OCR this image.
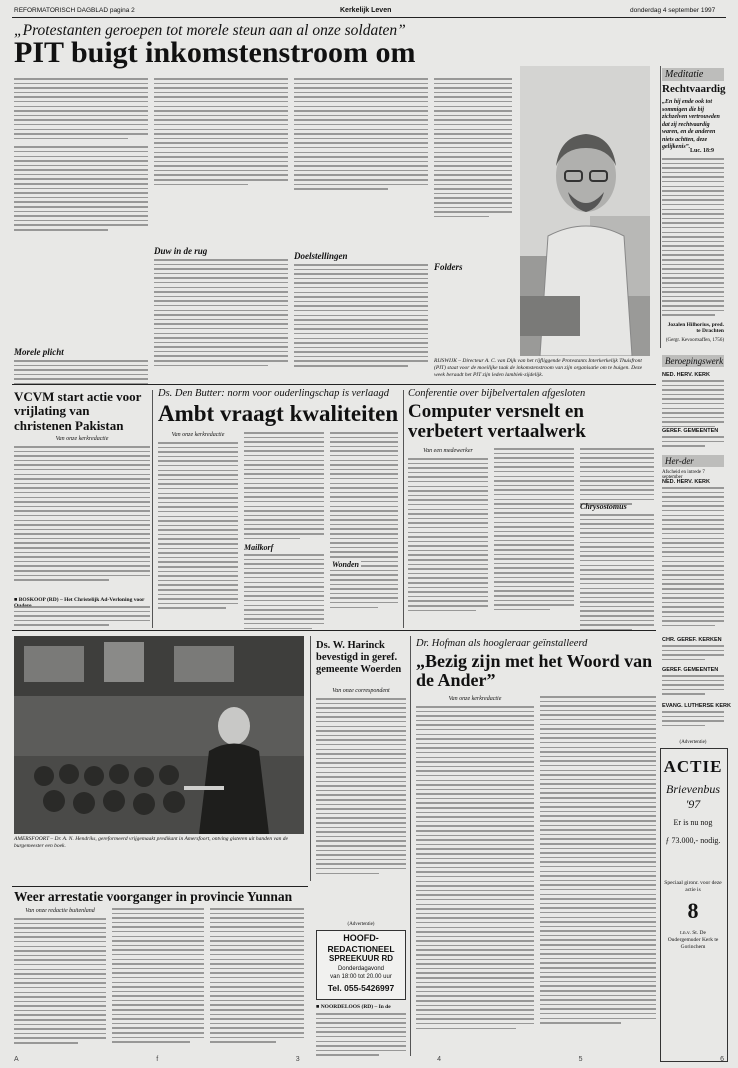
REFORMATORISCH DAGBLAD pagina 2	Kerkelijk Leven	donderdag 4 september 1997
„Protestanten geroepen tot morele steun aan al onze soldaten”
PIT buigt inkomstenstroom om
Morele plicht
Duw in de rug	Doelstellingen
Folders
RIJSWIJK – Directeur A. C. van Dijk van het rijfliggende Protestants Interkerkelijk Thuisfront (PIT) staat voor de moeilijke taak de inkomstenstroom van zijn organisatie om te buigen. Deze week beraadt het PIT zijn leden lambiek-zijdelijk.
Meditatie
Rechtvaardig
„En hij ende ook tot sommigen die bij zichzelven vertrouwden dat zij rechtvaardig waren, en de anderen niets achtten, deze gelijkenis”.
Luc. 18:9
Jozalen Hilhorius, pred. te Drachten
(Gergr. Kevoortsaffen, 1756)
Beroepingswerk
NED. HERV. KERK
GEREF. GEMEENTEN
Her-der
Afscheid en intrede 7 september
NED. HERV. KERK
CHR. GEREF. KERKEN
GEREF. GEMEENTEN
EVANG. LUTHERSE KERK
(Advertentie)
ACTIE
Brievenbus '97
Er is nu nog
ƒ 73.000,- nodig.
Speciaal gironr. voor deze actie is
8
t.n.v. St. De Oudergemuder Kerk te Gorinchem
VCVM start actie voor vrijlating van christenen Pakistan
Van onze kerkredactie
■ BOSKOOP (RD) – Het Christelijk Ad-Verloning voor
Ds. Den Butter: norm voor ouderlingschap is verlaagd
Ambt vraagt kwaliteiten
Van onze kerkredactie
Mailkorf
Conferentie over bijbelvertalen afgesloten
Computer versnelt en verbetert vertaalwerk
Van een medewerker
Chrysostomus
Wonden
AMERSFOORT – Dr. A. N. Hendriks, gereformeerd vrijgemaakt predikant in Amersfoort, ontving gisteren uit handen van de burgemeester een boek.
Ds. W. Harinck bevestigd in geref. gemeente Woerden
Van onze correspondent
(Advertentie)
HOOFD-
REDACTIONEEL
SPREEKUUR RD
Donderdagavond
van 18:00 tot 20.00 uur
Tel. 055-5426997
■ NOORDELOOS (RD) – In de
Dr. Hofman als hoogleraar geïnstalleerd
„Bezig zijn met het Woord van de Ander”
Van onze kerkredactie
Weer arrestatie voorganger in provincie Yunnan
Van onze redactie buitenland
A	f	3	4	5	6
